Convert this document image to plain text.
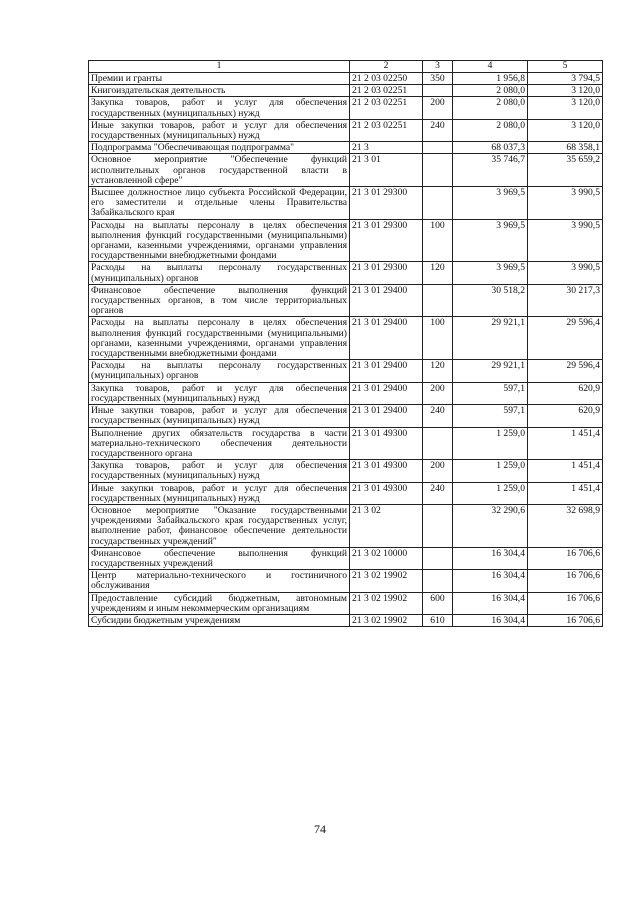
1	2	3	4	5
Премии и гранты	21 2 03 02250	350	1 956,8	3 794,5
Книгоиздательская деятельность	21 2 03 02251		2 080,0	3 120,0
Закупка товаров, работ и услуг для обеспечения государственных (муниципальных) нужд	21 2 03 02251	200	2 080,0	3 120,0
Иные закупки товаров, работ и услуг для обеспечения государственных (муниципальных) нужд	21 2 03 02251	240	2 080,0	3 120,0
Подпрограмма "Обеспечивающая подпрограмма"	21 3		68 037,3	68 358,1
Основное мероприятие "Обеспечение функций исполнительных органов государственной власти в установленной сфере"	21 3 01		35 746,7	35 659,2
Высшее должностное лицо субъекта Российской Федерации, его заместители и отдельные члены Правительства Забайкальского края	21 3 01 29300		3 969,5	3 990,5
Расходы на выплаты персоналу в целях обеспечения выполнения функций государственными (муниципальными) органами, казенными учреждениями, органами управления государственными внебюджетными фондами	21 3 01 29300	100	3 969,5	3 990,5
Расходы на выплаты персоналу государственных (муниципальных) органов	21 3 01 29300	120	3 969,5	3 990,5
Финансовое обеспечение выполнения функций государственных органов, в том числе территориальных органов	21 3 01 29400		30 518,2	30 217,3
Расходы на выплаты персоналу в целях обеспечения выполнения функций государственными (муниципальными) органами, казенными учреждениями, органами управления государственными внебюджетными фондами	21 3 01 29400	100	29 921,1	29 596,4
Расходы на выплаты персоналу государственных (муниципальных) органов	21 3 01 29400	120	29 921,1	29 596,4
Закупка товаров, работ и услуг для обеспечения государственных (муниципальных) нужд	21 3 01 29400	200	597,1	620,9
Иные закупки товаров, работ и услуг для обеспечения государственных (муниципальных) нужд	21 3 01 29400	240	597,1	620,9
Выполнение других обязательств государства в части материально-технического обеспечения деятельности государственного органа	21 3 01 49300		1 259,0	1 451,4
Закупка товаров, работ и услуг для обеспечения государственных (муниципальных) нужд	21 3 01 49300	200	1 259,0	1 451,4
Иные закупки товаров, работ и услуг для обеспечения государственных (муниципальных) нужд	21 3 01 49300	240	1 259,0	1 451,4
Основное мероприятие "Оказание государственными учреждениями Забайкальского края государственных услуг, выполнение работ, финансовое обеспечение деятельности государственных учреждений"	21 3 02		32 290,6	32 698,9
Финансовое обеспечение выполнения функций государственных учреждений	21 3 02 10000		16 304,4	16 706,6
Центр материально-технического и гостиничного обслуживания	21 3 02 19902		16 304,4	16 706,6
Предоставление субсидий бюджетным, автономным учреждениям и иным некоммерческим организациям	21 3 02 19902	600	16 304,4	16 706,6
Субсидии бюджетным учреждениям	21 3 02 19902	610	16 304,4	16 706,6
74
